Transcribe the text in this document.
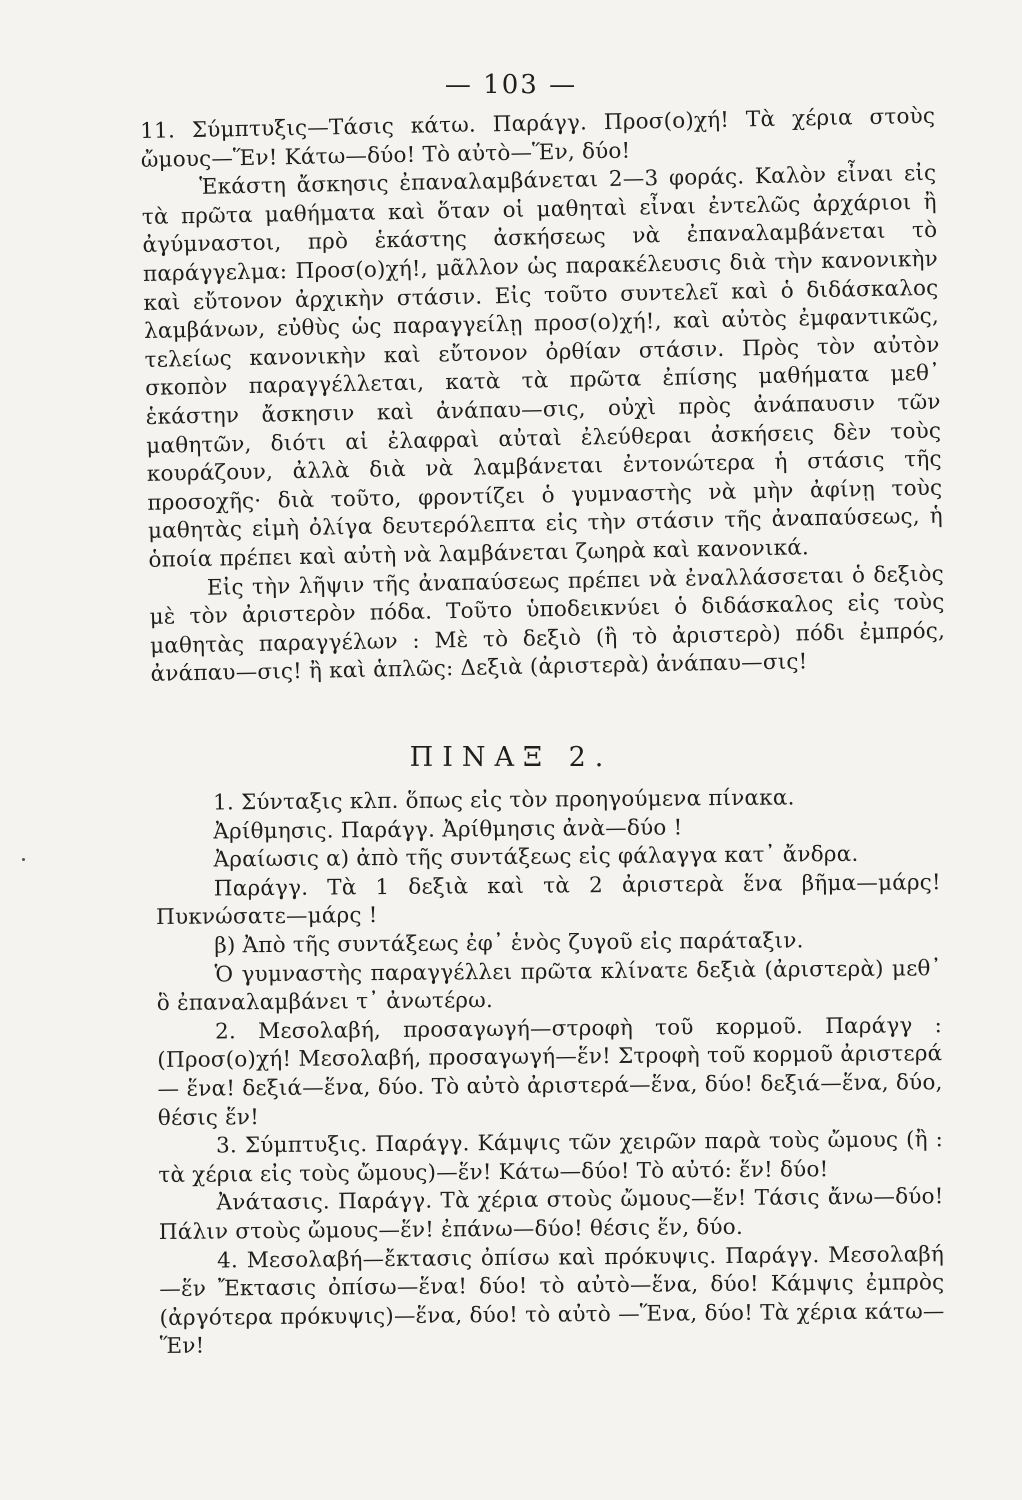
— 103 —

11. Σύμπτυξις—Τάσις κάτω. Παράγγ. Προσ(ο)χή! Τὰ χέρια στοὺς ὤμους—Ἕν! Κάτω—δύο! Τὸ αὐτὸ—Ἕν, δύο!

Ἑκάστη ἄσκησις ἐπαναλαμβάνεται 2—3 φοράς. Καλὸν εἶναι εἰς τὰ πρῶτα μαθήματα καὶ ὅταν οἱ μαθηταὶ εἶναι ἐντελῶς ἀρχάριοι ἢ ἀγύμναστοι, πρὸ ἑκάστης ἀσκήσεως νὰ ἐπαναλαμβάνεται τὸ παράγγελμα: Προσ(ο)χή!, μᾶλλον ὡς παρακέλευσις διὰ τὴν κανονικὴν καὶ εὔτονον ἀρχικὴν στάσιν. Εἰς τοῦτο συντελεῖ καὶ ὁ διδάσκαλος λαμβάνων, εὐθὺς ὡς παραγγείλῃ προσ(ο)χή!, καὶ αὐτὸς ἐμφαντικῶς, τελείως κανονικὴν καὶ εὔτονον ὀρθίαν στάσιν. Πρὸς τὸν αὐτὸν σκοπὸν παραγγέλλεται, κατὰ τὰ πρῶτα ἐπίσης μαθήματα μεθ᾽ ἑκάστην ἄσκησιν καὶ ἀνάπαυ—σις, οὐχὶ πρὸς ἀνάπαυσιν τῶν μαθητῶν, διότι αἱ ἐλαφραὶ αὐταὶ ἐλεύθεραι ἀσκήσεις δὲν τοὺς κουράζουν, ἀλλὰ διὰ νὰ λαμβάνεται ἐντονώτερα ἡ στάσις τῆς προσοχῆς· διὰ τοῦτο, φροντίζει ὁ γυμναστὴς νὰ μὴν ἀφίνῃ τοὺς μαθητὰς εἰμὴ ὀλίγα δευτερόλεπτα εἰς τὴν στάσιν τῆς ἀναπαύσεως, ἡ ὁποία πρέπει καὶ αὐτὴ νὰ λαμβάνεται ζωηρὰ καὶ κανονικά.

Εἰς τὴν λῆψιν τῆς ἀναπαύσεως πρέπει νὰ ἐναλλάσσεται ὁ δεξιὸς μὲ τὸν ἀριστερὸν πόδα. Τοῦτο ὑποδεικνύει ὁ διδάσκαλος εἰς τοὺς μαθητὰς παραγγέλων : Μὲ τὸ δεξιὸ (ἢ τὸ ἀριστερὸ) πόδι ἐμπρός, ἀνάπαυ—σις! ἢ καὶ ἁπλῶς: Δεξιὰ (ἀριστερὰ) ἀνάπαυ—σις!

ΠΙΝΑΞ 2.

1. Σύνταξις κλπ. ὅπως εἰς τὸν προηγούμενα πίνακα.

Ἀρίθμησις. Παράγγ. Ἀρίθμησις ἀνὰ—δύο !

Ἀραίωσις α) ἀπὸ τῆς συντάξεως εἰς φάλαγγα κατ᾽ ἄνδρα.

Παράγγ. Τὰ 1 δεξιὰ καὶ τὰ 2 ἀριστερὰ ἕνα βῆμα—μάρς! Πυκνώσατε—μάρς !

β) Ἀπὸ τῆς συντάξεως ἐφ᾽ ἑνὸς ζυγοῦ εἰς παράταξιν.

Ὁ γυμναστὴς παραγγέλλει πρῶτα κλίνατε δεξιὰ (ἀριστερὰ) μεθ᾽ ὃ ἐπαναλαμβάνει τ᾽ ἀνωτέρω.

2. Μεσολαβή, προσαγωγή—στροφὴ τοῦ κορμοῦ. Παράγγ : (Προσ(ο)χή! Μεσολαβή, προσαγωγή—ἕν! Στροφὴ τοῦ κορμοῦ ἀριστερά— ἕνα! δεξιά—ἕνα, δύο. Τὸ αὐτὸ ἀριστερά—ἕνα, δύο! δεξιά—ἕνα, δύο, θέσις ἕν!

3. Σύμπτυξις. Παράγγ. Κάμψις τῶν χειρῶν παρὰ τοὺς ὤμους (ἢ : τὰ χέρια εἰς τοὺς ὤμους)—ἕν! Κάτω—δύο! Τὸ αὐτό: ἕν! δύο!

Ἀνάτασις. Παράγγ. Τὰ χέρια στοὺς ὤμους—ἕν! Τάσις ἄνω—δύο! Πάλιν στοὺς ὤμους—ἕν! ἐπάνω—δύο! θέσις ἕν, δύο.

4. Μεσολαβή—ἔκτασις ὀπίσω καὶ πρόκυψις. Παράγγ. Μεσολαβή—ἕν Ἔκτασις ὀπίσω—ἕνα! δύο! τὸ αὐτὸ—ἕνα, δύο! Κάμψις ἐμπρὸς (ἀργότερα πρόκυψις)—ἕνα, δύο! τὸ αὐτὸ —Ἕνα, δύο! Τὰ χέρια κάτω—Ἕν!
